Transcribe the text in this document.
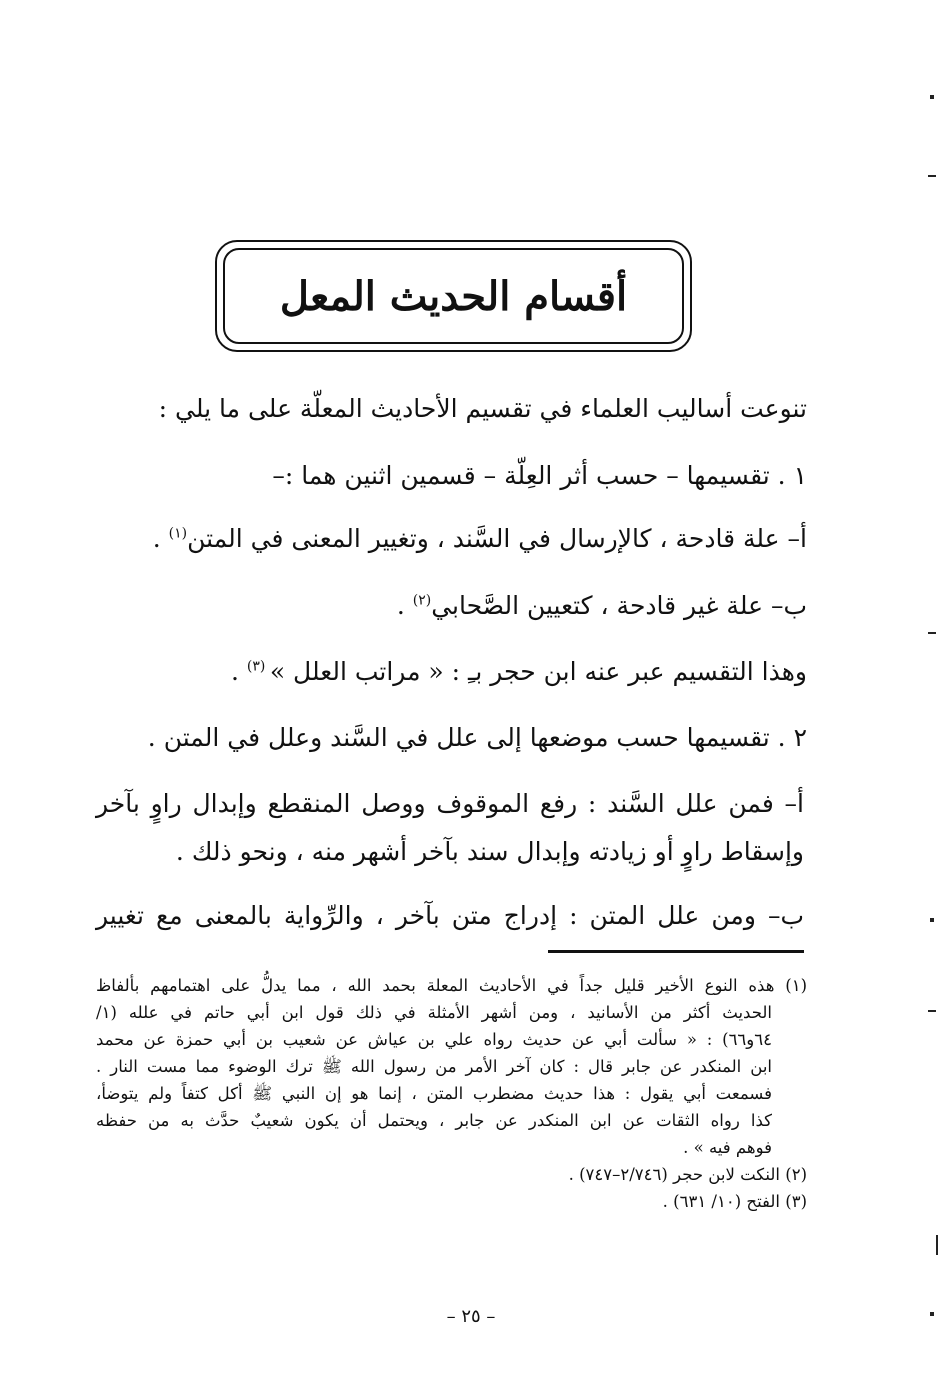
أقسام الحديث المعل
تنوعت أساليب العلماء في تقسيم الأحاديث المعلّة على ما يلي :
١ . تقسيمها – حسب أثر العِلّة – قسمين اثنين هما :–
أ– علة قادحة ، كالإرسال في السَّند ، وتغيير المعنى في المتن$^{(١)}$ .
ب– علة غير قادحة ، كتعيين الصَّحابي$^{(٢)}$ .
وهذا التقسيم عبر عنه ابن حجر بـِ : « مراتب العلل » $^{(٣)}$ .
٢ . تقسيمها حسب موضعها إلى علل في السَّند وعلل في المتن .
أ– فمن علل السَّند : رفع الموقوف ووصل المنقطع وإبدال راوٍ بآخر
وإسقاط راوٍ أو زيادته وإبدال سند بآخر أشهر منه ، ونحو ذلك .
ب– ومن علل المتن : إدراج متن بآخر ، والرِّواية بالمعنى مع تغيير
(١) هذه النوع الأخير قليل جداً في الأحاديث المعلة بحمد الله ، مما يدلُّ على اهتمامهم بألفاظ
الحديث أكثر من الأسانيد ، ومن أشهر الأمثلة في ذلك قول ابن أبي حاتم في علله (١/
٦٤و٦٦) : « سألت أبي عن حديث رواه علي بن عياش عن شعيب بن أبي حمزة عن محمد
ابن المنكدر عن جابر قال : كان آخر الأمر من رسول الله ﷺ ترك الوضوء مما مست النار .
فسمعت أبي يقول : هذا حديث مضطرب المتن ، إنما هو إن النبي ﷺ أكل كتفاً ولم يتوضأ،
كذا رواه الثقات عن ابن المنكدر عن جابر ، ويحتمل أن يكون شعيبٌ حدَّث به من حفظه
فوهم فيه » .
(٢) النكت لابن حجر (٢/٧٤٦–٧٤٧) .
(٣) الفتح (١٠/ ٦٣١) .
– ٢٥ –
